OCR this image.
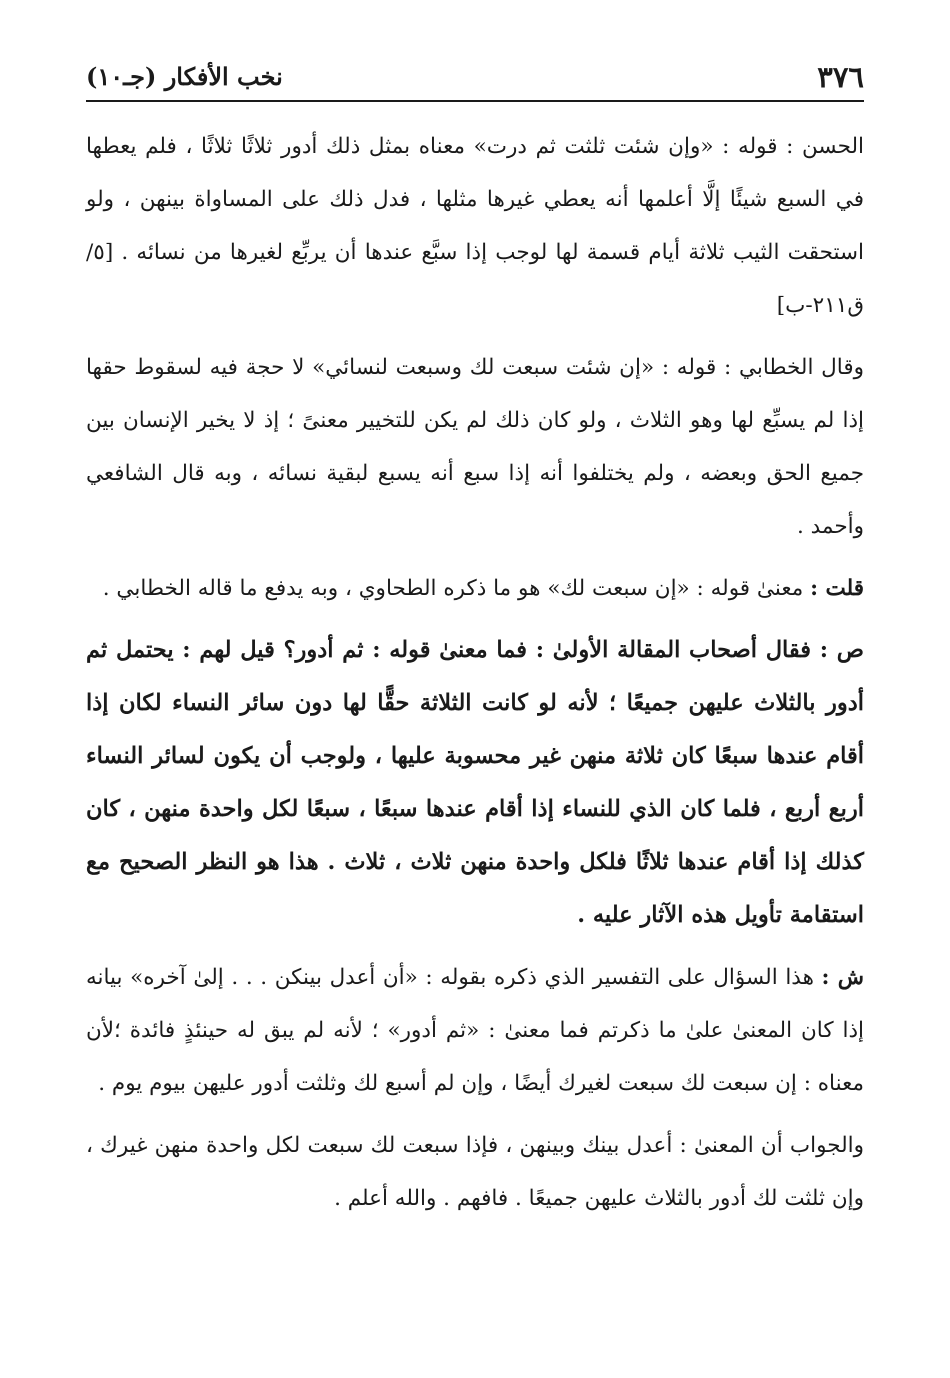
٣٧٦
نخب الأفكار (جـ١٠)

الحسن : قوله : «وإن شئت ثلثت ثم درت» معناه بمثل ذلك أدور ثلاثًا ثلاثًا ، فلم يعطها في السبع شيئًا إلَّا أعلمها أنه يعطي غيرها مثلها ، فدل ذلك على المساواة بينهن ، ولو استحقت الثيب ثلاثة أيام قسمة لها لوجب إذا سبَّع عندها أن يربِّع لغيرها من نسائه . [٥/ ق٢١١-ب]

وقال الخطابي : قوله : «إن شئت سبعت لك وسبعت لنسائي» لا حجة فيه لسقوط حقها إذا لم يسبِّع لها وهو الثلاث ، ولو كان ذلك لم يكن للتخيير معنىً ؛ إذ لا يخير الإنسان بين جميع الحق وبعضه ، ولم يختلفوا أنه إذا سبع أنه يسبع لبقية نسائه ، وبه قال الشافعي وأحمد .

قلت : معنىٰ قوله : «إن سبعت لك» هو ما ذكره الطحاوي ، وبه يدفع ما قاله الخطابي .

ص : فقال أصحاب المقالة الأولىٰ : فما معنىٰ قوله : ثم أدور؟ قيل لهم : يحتمل ثم أدور بالثلاث عليهن جميعًا ؛ لأنه لو كانت الثلاثة حقًّا لها دون سائر النساء لكان إذا أقام عندها سبعًا كان ثلاثة منهن غير محسوبة عليها ، ولوجب أن يكون لسائر النساء أربع أربع ، فلما كان الذي للنساء إذا أقام عندها سبعًا ، سبعًا لكل واحدة منهن ، كان كذلك إذا أقام عندها ثلاثًا فلكل واحدة منهن ثلاث ، ثلاث . هذا هو النظر الصحيح مع استقامة تأويل هذه الآثار عليه .

ش : هذا السؤال على التفسير الذي ذكره بقوله : «أن أعدل بينكن . . . إلىٰ آخره» بيانه إذا كان المعنىٰ علىٰ ما ذكرتم فما معنىٰ : «ثم أدور» ؛ لأنه لم يبق له حينئذٍ فائدة ؛لأن معناه : إن سبعت لك سبعت لغيرك أيضًا ، وإن لم أسبع لك وثلثت أدور عليهن بيوم يوم .

والجواب أن المعنىٰ : أعدل بينك وبينهن ، فإذا سبعت لك سبعت لكل واحدة منهن غيرك ، وإن ثلثت لك أدور بالثلاث عليهن جميعًا . فافهم . والله أعلم .
